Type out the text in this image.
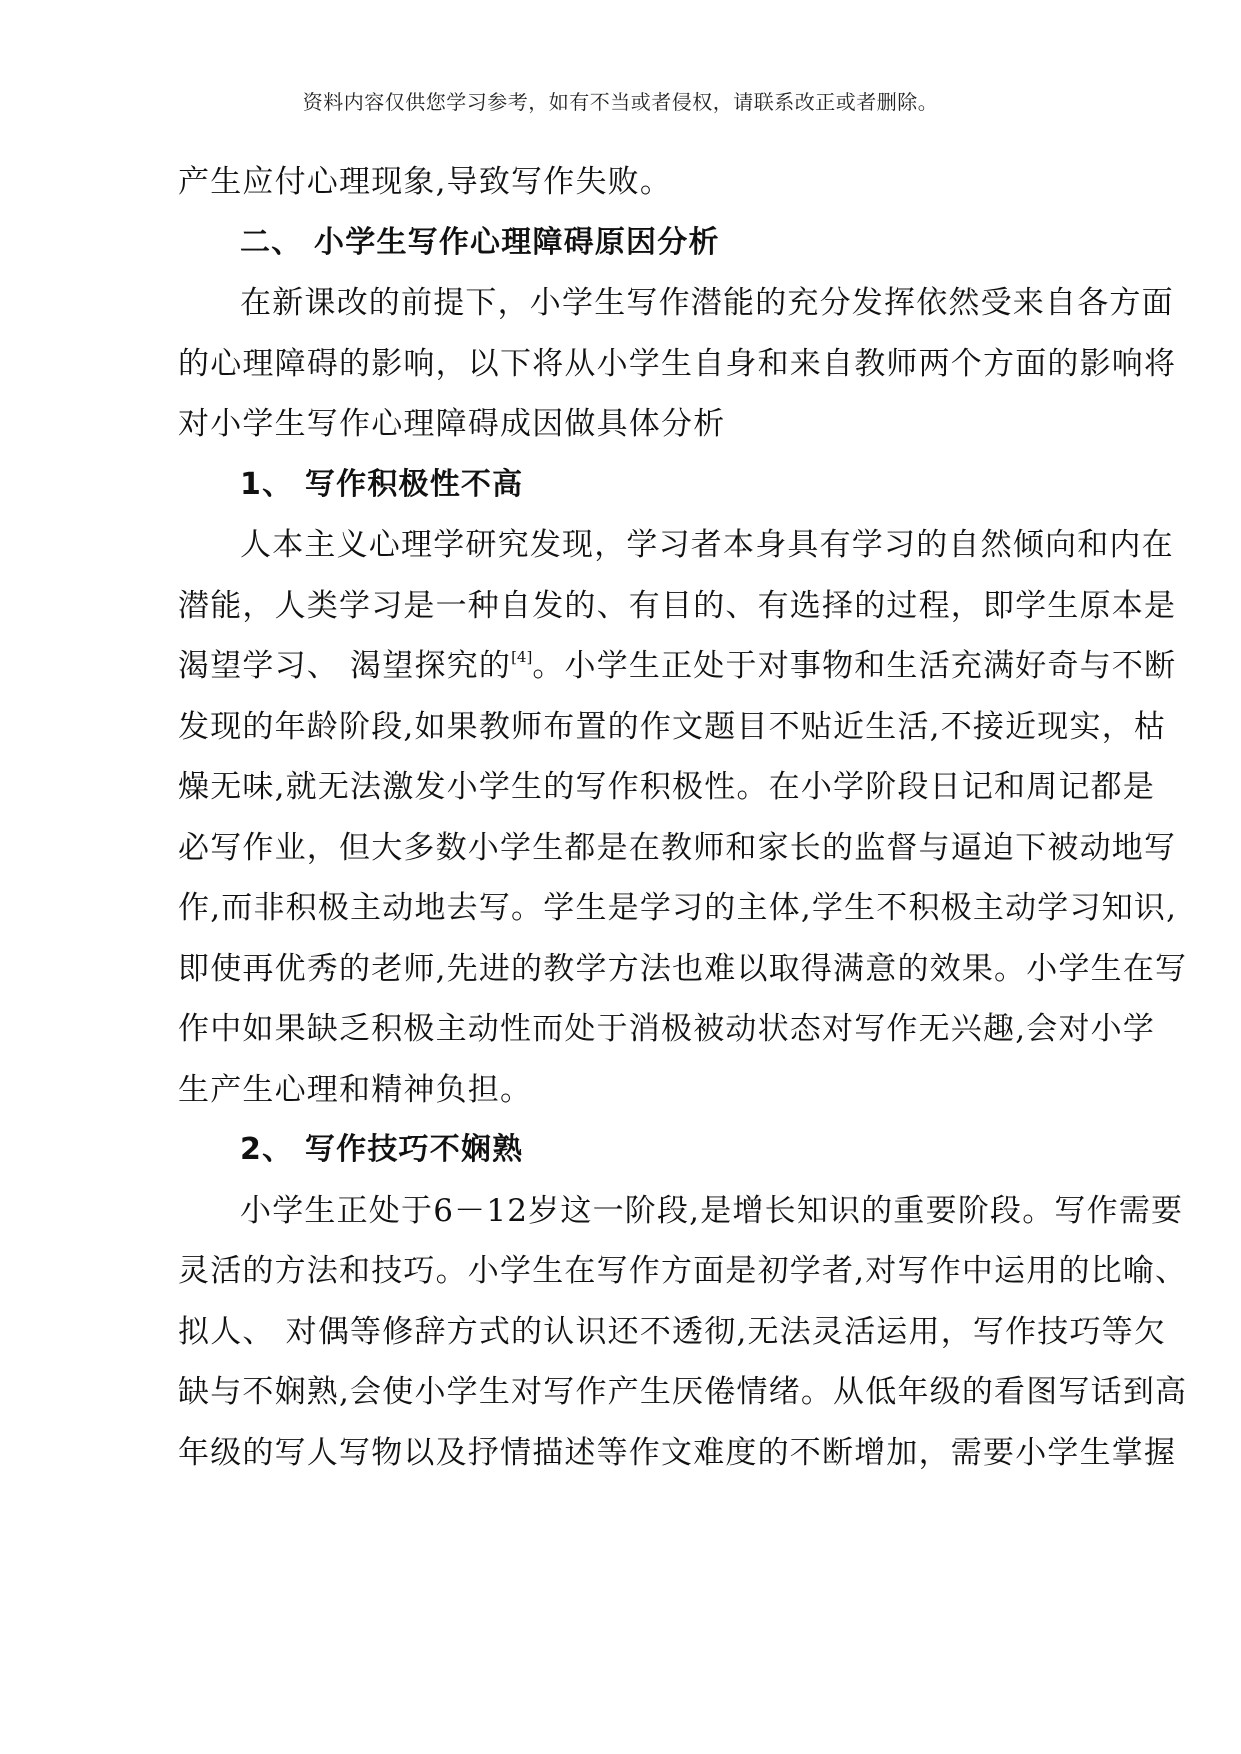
资料内容仅供您学习参考，如有不当或者侵权，请联系改正或者删除。
产生应付心理现象,导致写作失败。
二、 小学生写作心理障碍原因分析
在新课改的前提下，小学生写作潜能的充分发挥依然受来自各方面
的心理障碍的影响，以下将从小学生自身和来自教师两个方面的影响将
对小学生写作心理障碍成因做具体分析
1、 写作积极性不高
人本主义心理学研究发现，学习者本身具有学习的自然倾向和内在
潜能，人类学习是一种自发的、有目的、有选择的过程，即学生原本是
渴望学习、 渴望探究的[4]。小学生正处于对事物和生活充满好奇与不断
发现的年龄阶段,如果教师布置的作文题目不贴近生活,不接近现实，枯
燥无味,就无法激发小学生的写作积极性。在小学阶段日记和周记都是
必写作业，但大多数小学生都是在教师和家长的监督与逼迫下被动地写
作,而非积极主动地去写。学生是学习的主体,学生不积极主动学习知识,
即使再优秀的老师,先进的教学方法也难以取得满意的效果。小学生在写
作中如果缺乏积极主动性而处于消极被动状态对写作无兴趣,会对小学
生产生心理和精神负担。
2、 写作技巧不娴熟
小学生正处于6－12岁这一阶段,是增长知识的重要阶段。写作需要
灵活的方法和技巧。小学生在写作方面是初学者,对写作中运用的比喻、
拟人、 对偶等修辞方式的认识还不透彻,无法灵活运用，写作技巧等欠
缺与不娴熟,会使小学生对写作产生厌倦情绪。从低年级的看图写话到高
年级的写人写物以及抒情描述等作文难度的不断增加，需要小学生掌握
